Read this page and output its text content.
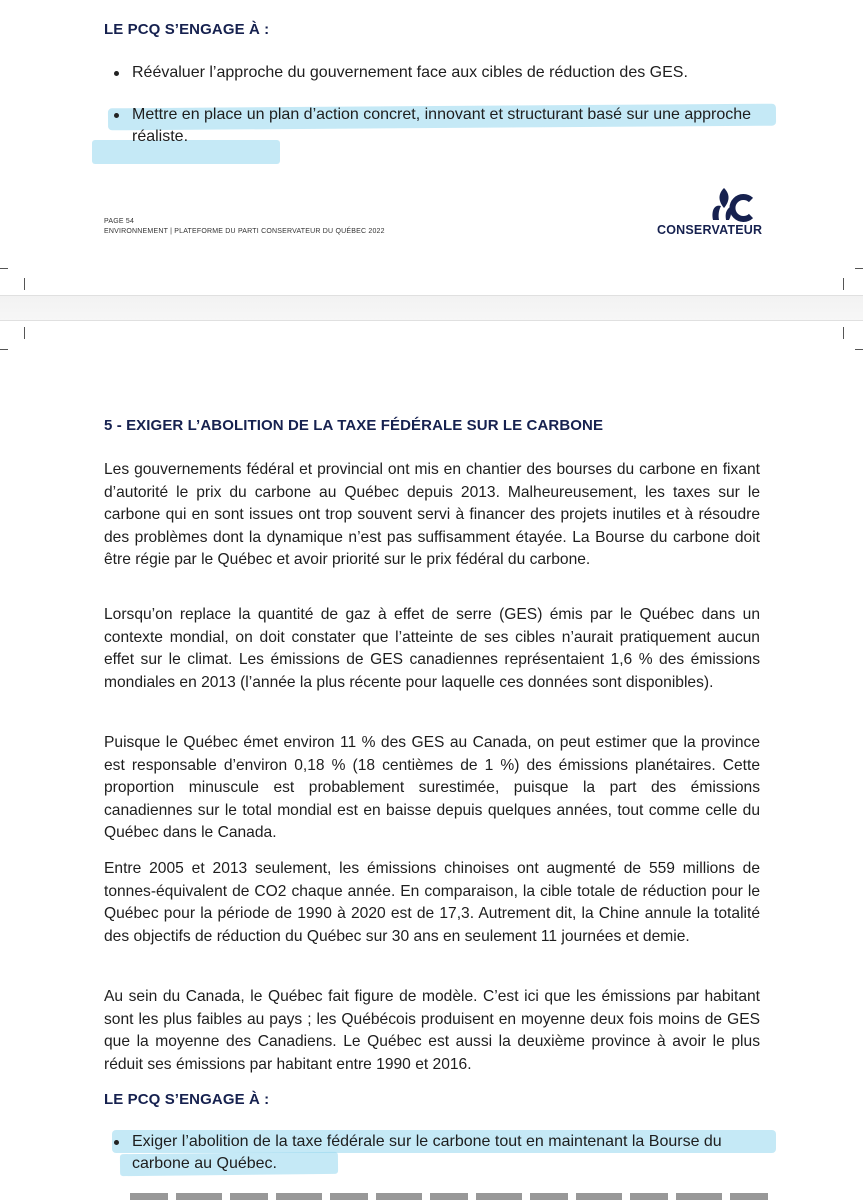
LE PCQ S’ENGAGE À :
Réévaluer l’approche du gouvernement face aux cibles de réduction des GES.
Mettre en place un plan d’action concret, innovant et structurant basé sur une approche réaliste.
PAGE 54
ENVIRONNEMENT | PLATEFORME DU PARTI CONSERVATEUR DU QUÉBEC 2022	CONSERVATEUR
5 - EXIGER L’ABOLITION DE LA TAXE FÉDÉRALE SUR LE CARBONE

Les gouvernements fédéral et provincial ont mis en chantier des bourses du carbone en fixant d’autorité le prix du carbone au Québec depuis 2013. Malheureusement, les taxes sur le carbone qui en sont issues ont trop souvent servi à financer des projets inutiles et à résoudre des problèmes dont la dynamique n’est pas suffisamment étayée. La Bourse du carbone doit être régie par le Québec et avoir priorité sur le prix fédéral du carbone.

Lorsqu’on replace la quantité de gaz à effet de serre (GES) émis par le Québec dans un contexte mondial, on doit constater que l’atteinte de ses cibles n’aurait pratiquement aucun effet sur le climat. Les émissions de GES canadiennes représentaient 1,6 % des émissions mondiales en 2013 (l’année la plus récente pour laquelle ces données sont disponibles).

Puisque le Québec émet environ 11 % des GES au Canada, on peut estimer que la province est responsable d’environ 0,18 % (18 centièmes de 1 %) des émissions planétaires. Cette proportion minuscule est probablement surestimée, puisque la part des émissions canadiennes sur le total mondial est en baisse depuis quelques années, tout comme celle du Québec dans le Canada.

Entre 2005 et 2013 seulement, les émissions chinoises ont augmenté de 559 millions de tonnes-équivalent de CO2 chaque année. En comparaison, la cible totale de réduction pour le Québec pour la période de 1990 à 2020 est de 17,3. Autrement dit, la Chine annule la totalité des objectifs de réduction du Québec sur 30 ans en seulement 11 journées et demie.

Au sein du Canada, le Québec fait figure de modèle. C’est ici que les émissions par habitant sont les plus faibles au pays ; les Québécois produisent en moyenne deux fois moins de GES que la moyenne des Canadiens. Le Québec est aussi la deuxième province à avoir le plus réduit ses émissions par habitant entre 1990 et 2016.

LE PCQ S’ENGAGE À :
Exiger l’abolition de la taxe fédérale sur le carbone tout en maintenant la Bourse du carbone au Québec.
